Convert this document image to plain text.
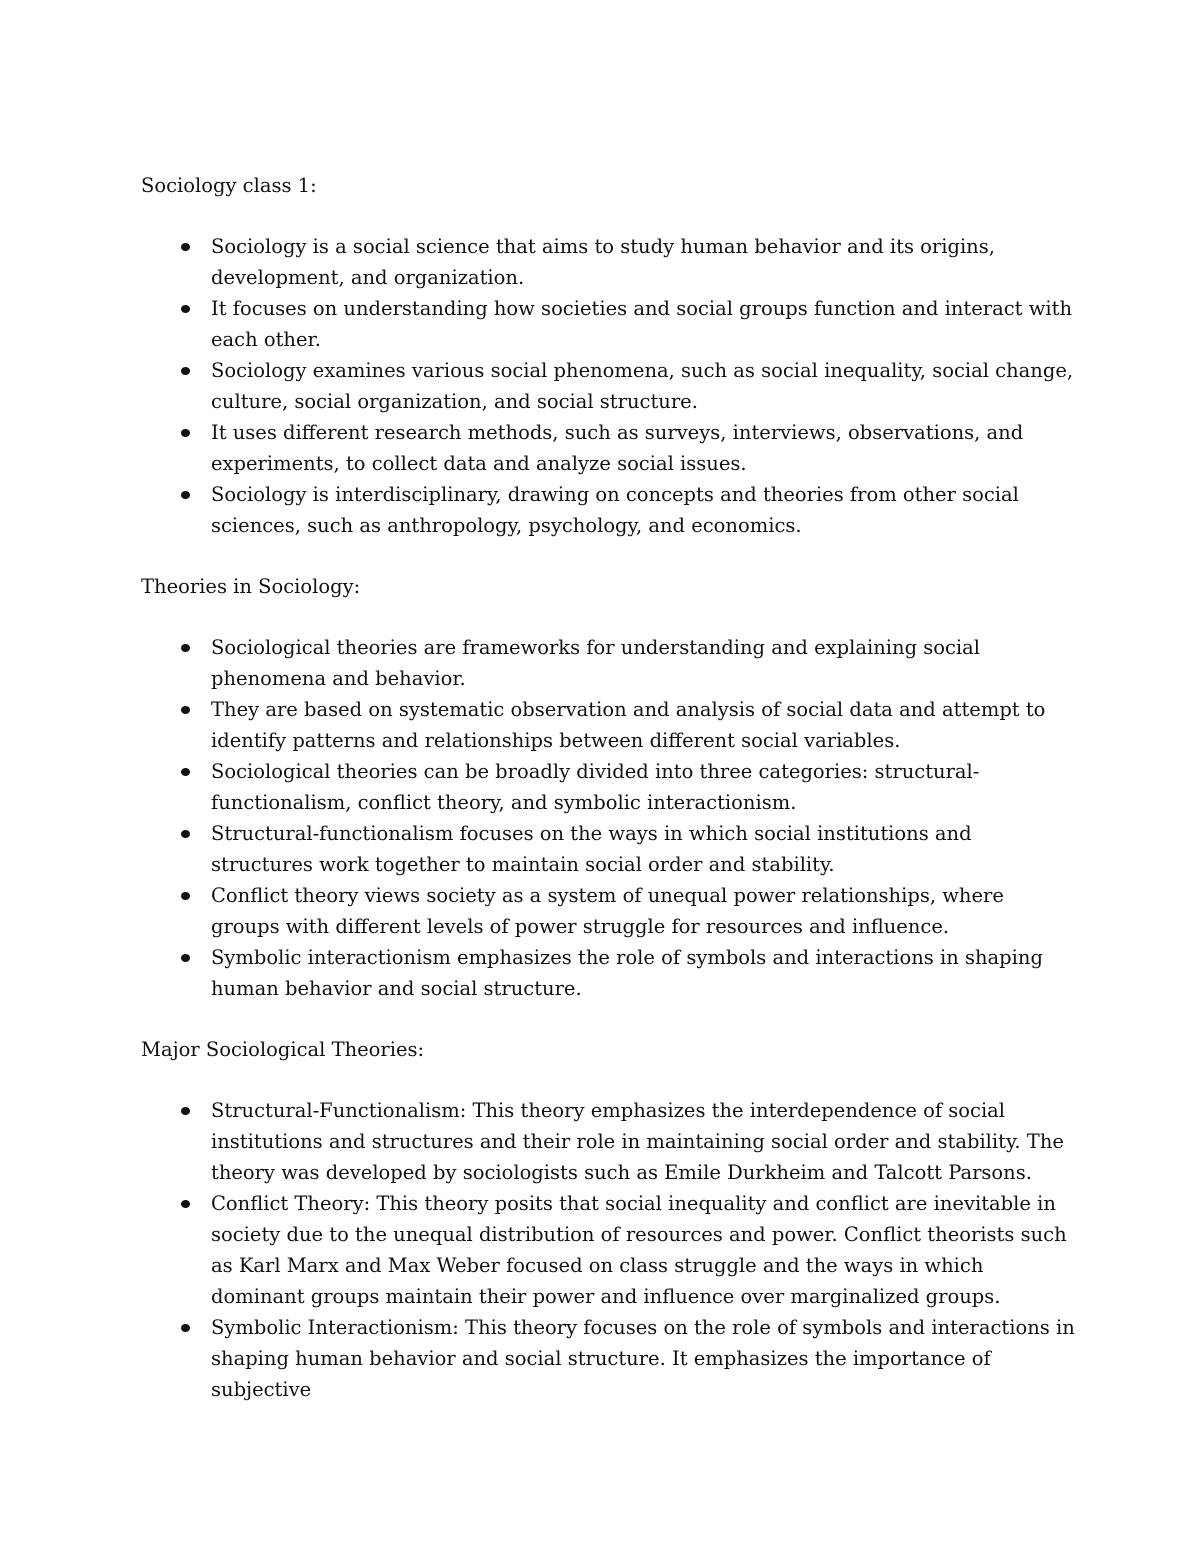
Sociology class 1:

Sociology is a social science that aims to study human behavior and its origins, development, and organization.
It focuses on understanding how societies and social groups function and interact with each other.
Sociology examines various social phenomena, such as social inequality, social change, culture, social organization, and social structure.
It uses different research methods, such as surveys, interviews, observations, and experiments, to collect data and analyze social issues.
Sociology is interdisciplinary, drawing on concepts and theories from other social sciences, such as anthropology, psychology, and economics.

Theories in Sociology:

Sociological theories are frameworks for understanding and explaining social phenomena and behavior.
They are based on systematic observation and analysis of social data and attempt to identify patterns and relationships between different social variables.
Sociological theories can be broadly divided into three categories: structural-functionalism, conflict theory, and symbolic interactionism.
Structural-functionalism focuses on the ways in which social institutions and structures work together to maintain social order and stability.
Conflict theory views society as a system of unequal power relationships, where groups with different levels of power struggle for resources and influence.
Symbolic interactionism emphasizes the role of symbols and interactions in shaping human behavior and social structure.

Major Sociological Theories:

Structural-Functionalism: This theory emphasizes the interdependence of social institutions and structures and their role in maintaining social order and stability. The theory was developed by sociologists such as Emile Durkheim and Talcott Parsons.
Conflict Theory: This theory posits that social inequality and conflict are inevitable in society due to the unequal distribution of resources and power. Conflict theorists such as Karl Marx and Max Weber focused on class struggle and the ways in which dominant groups maintain their power and influence over marginalized groups.
Symbolic Interactionism: This theory focuses on the role of symbols and interactions in shaping human behavior and social structure. It emphasizes the importance of subjective
